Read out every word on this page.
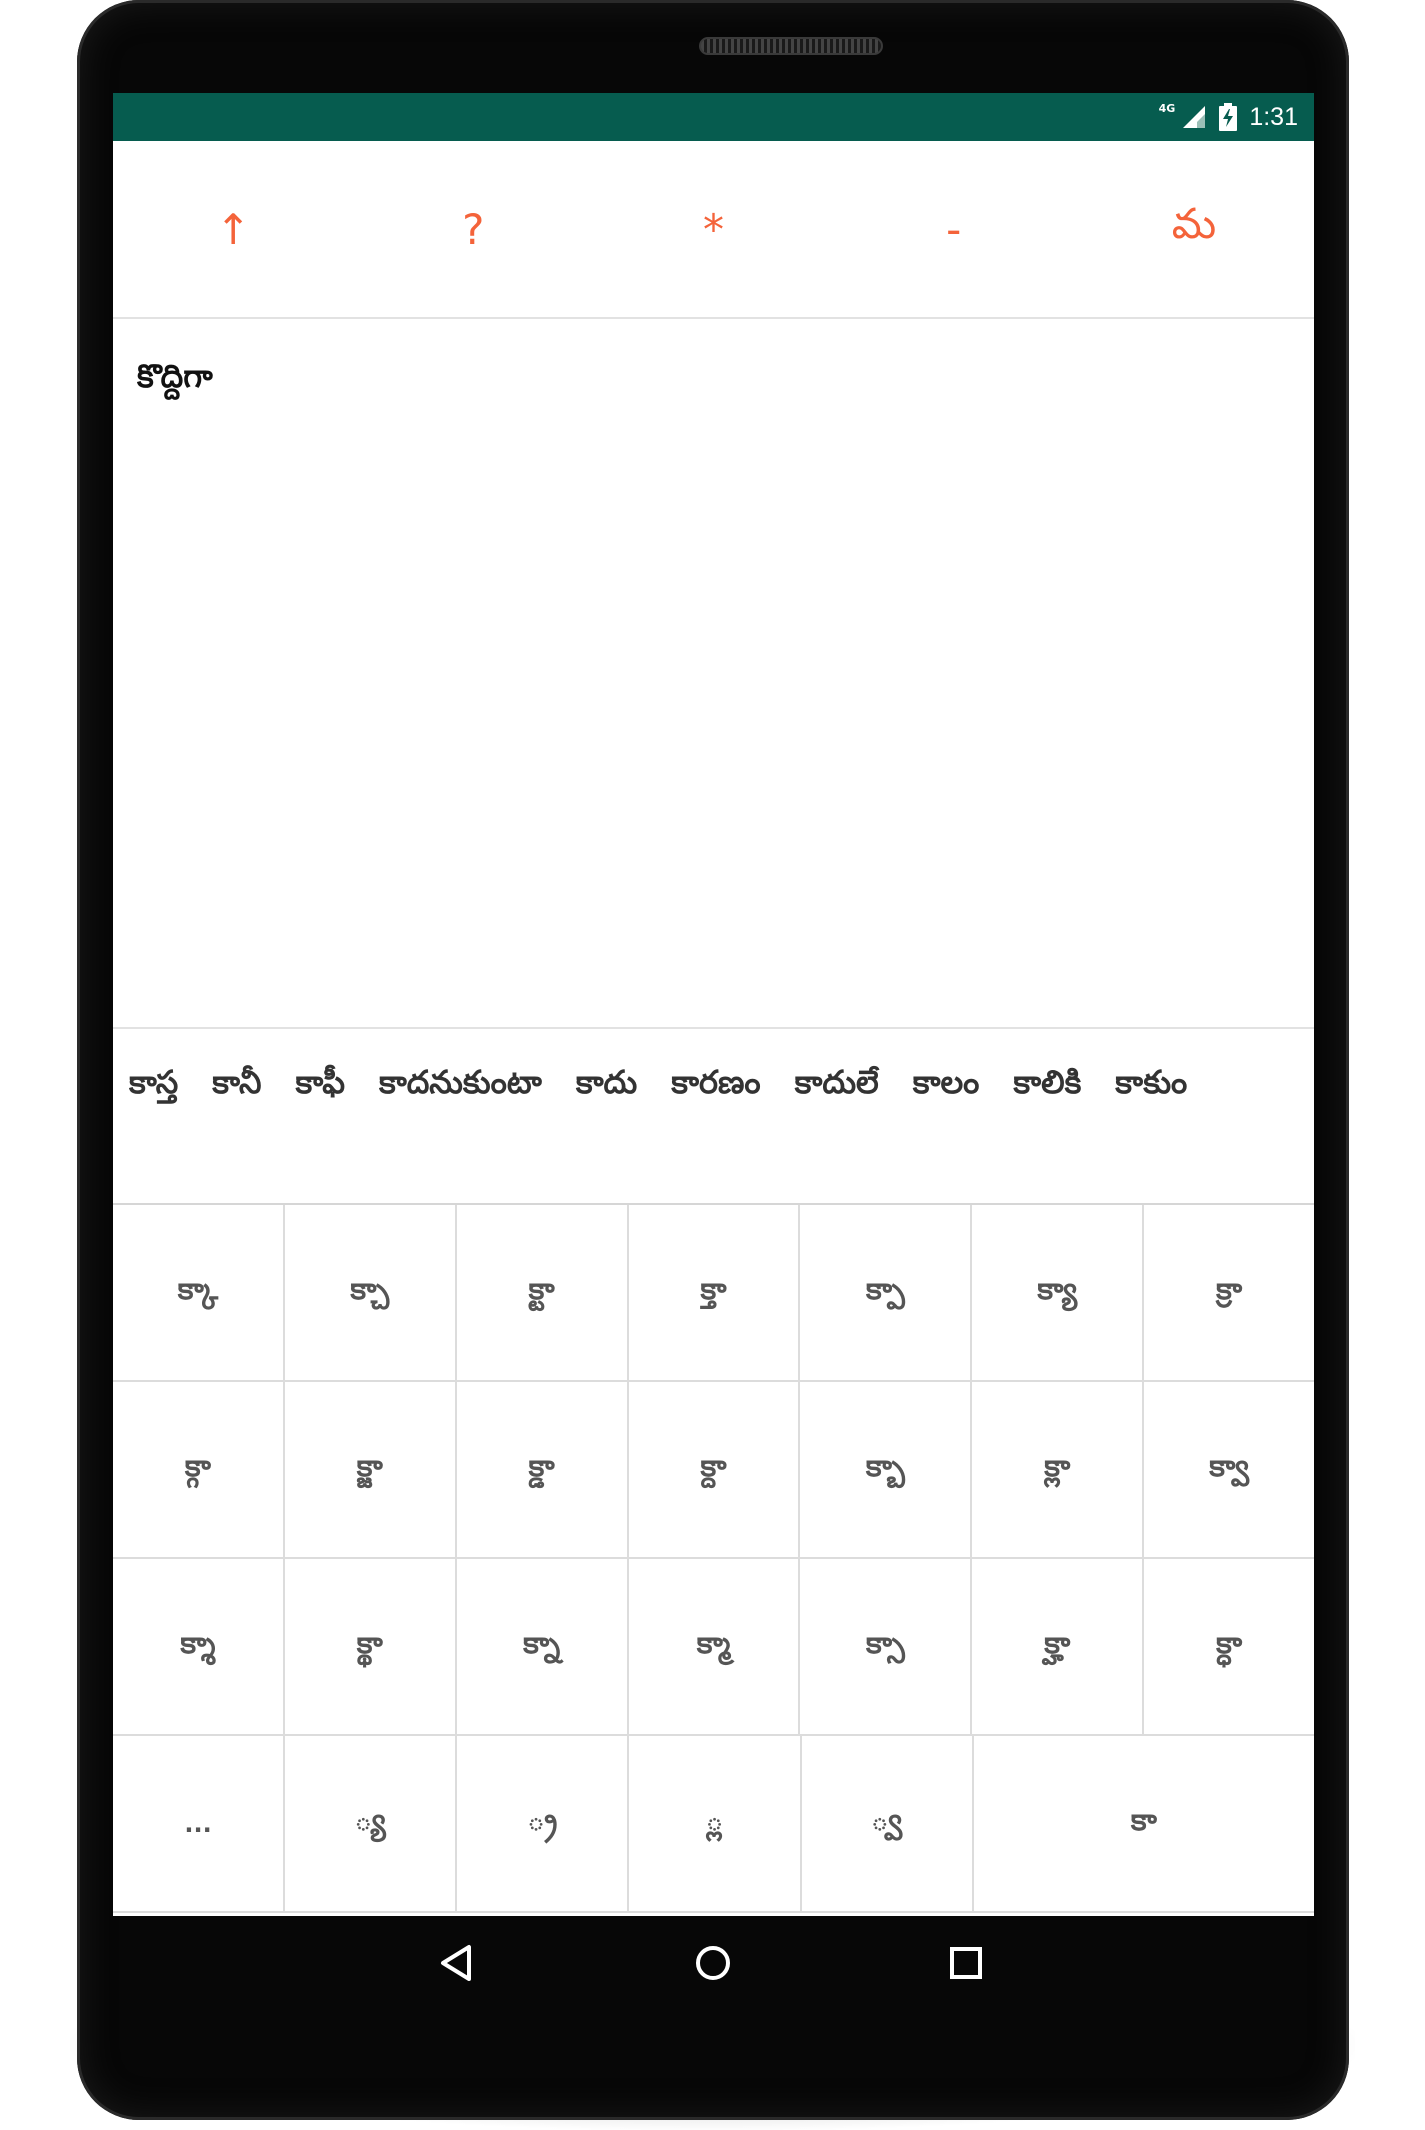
4G	1:31
↑	?	*	-	మ
కొద్దిగా
కాస్త కానీ కాఫీ కాదనుకుంటా కాదు కారణం కాదులే కాలం కాలికి కాకుం
క్కా	క్చా	క్టా	క్తా	క్పా	క్యా	క్రా
క్గా	క్జా	క్డా	క్దా	క్బా	క్లా	క్వా
క్శా	క్థా	క్నా	క్మా	క్సా	క్హా	క్ధా
...	◌్య	◌్ర	◌్ల	◌్వ	కా
